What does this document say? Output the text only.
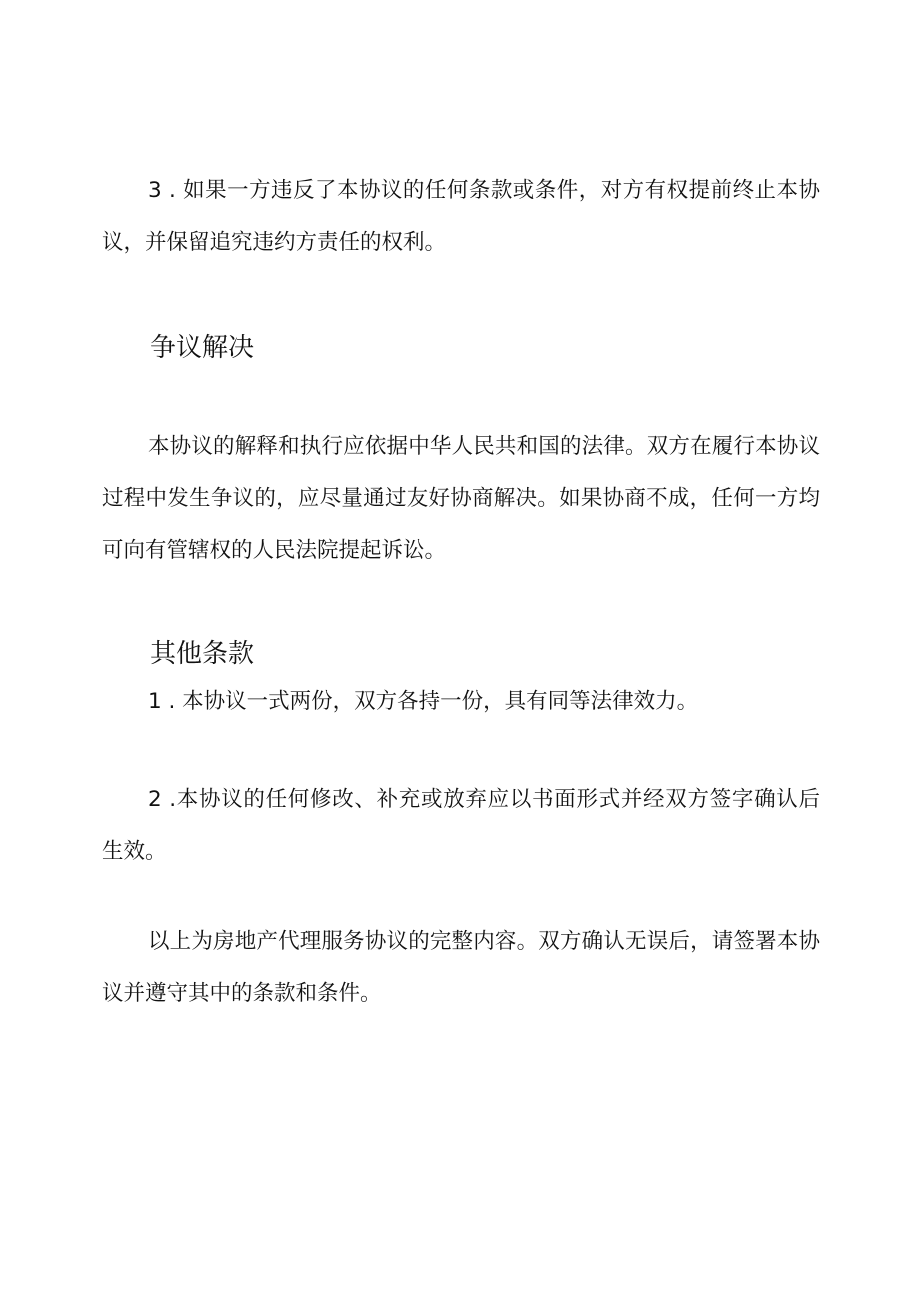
3 . 如果一方违反了本协议的任何条款或条件，对方有权提前终止本协议，并保留追究违约方责任的权利。

争议解决

本协议的解释和执行应依据中华人民共和国的法律。双方在履行本协议过程中发生争议的，应尽量通过友好协商解决。如果协商不成，任何一方均可向有管辖权的人民法院提起诉讼。

其他条款

1 . 本协议一式两份，双方各持一份，具有同等法律效力。

2 .本协议的任何修改、补充或放弃应以书面形式并经双方签字确认后生效。

以上为房地产代理服务协议的完整内容。双方确认无误后，请签署本协议并遵守其中的条款和条件。
